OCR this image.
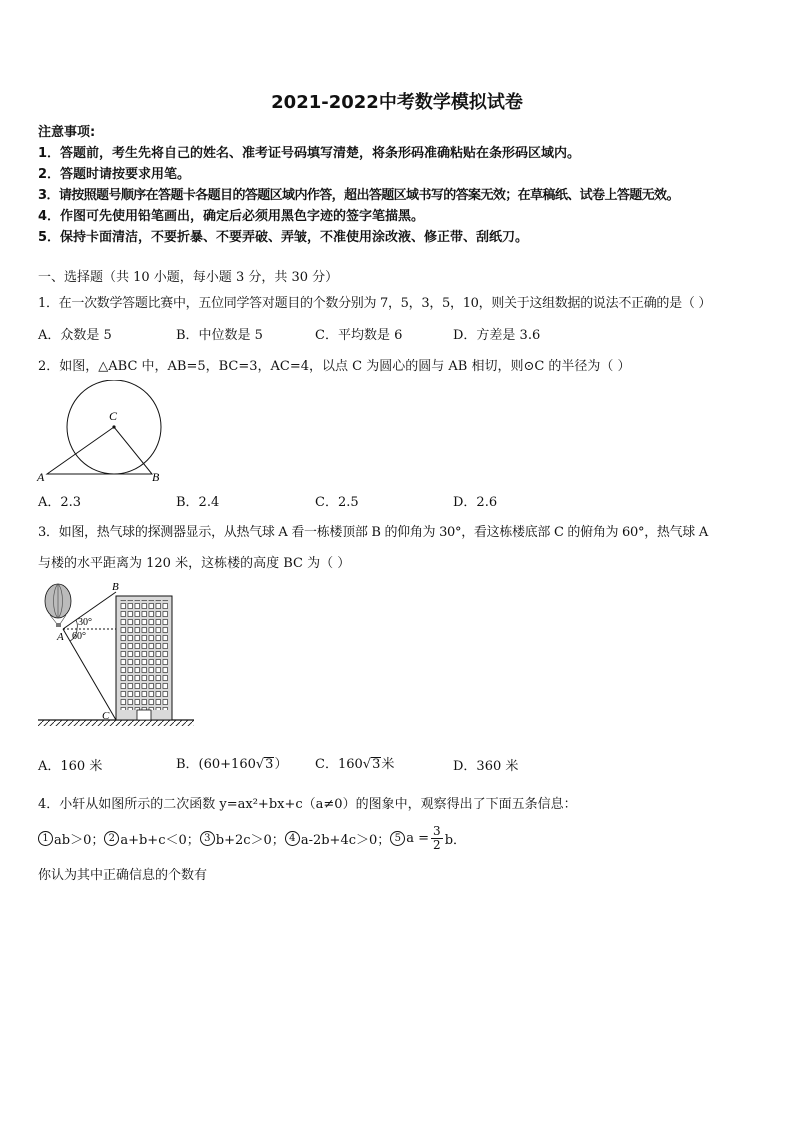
2021-2022中考数学模拟试卷
注意事项:
1．答题前，考生先将自己的姓名、准考证号码填写清楚，将条形码准确粘贴在条形码区域内。
2．答题时请按要求用笔。
3．请按照题号顺序在答题卡各题目的答题区域内作答，超出答题区域书写的答案无效；在草稿纸、试卷上答题无效。
4．作图可先使用铅笔画出，确定后必须用黑色字迹的签字笔描黑。
5．保持卡面清洁，不要折暴、不要弄破、弄皱，不准使用涂改液、修正带、刮纸刀。
一、选择题（共 10 小题，每小题 3 分，共 30 分）
1．在一次数学答题比赛中，五位同学答对题目的个数分别为 7，5，3，5，10，则关于这组数据的说法不正确的是（ ）
A．众数是 5	B．中位数是 5	C．平均数是 6	D．方差是 3.6
2．如图，△ABC 中，AB=5，BC=3，AC=4，以点 C 为圆心的圆与 AB 相切，则⊙C 的半径为（ ）
C
A	B
A．2.3	B．2.4	C．2.5	D．2.6
3．如图，热气球的探测器显示，从热气球 A 看一栋楼顶部 B 的仰角为 30°，看这栋楼底部 C 的俯角为 60°，热气球 A
与楼的水平距离为 120 米，这栋楼的高度 BC 为（ ）
B
A
C
30°
60°
A．160 米	B．(60+160√3） C．160√3米	D．360 米
4．小轩从如图所示的二次函数 y=ax²+bx+c（a≠0）的图象中，观察得出了下面五条信息：
1 ab＞0； 2 a+b+c＜0； 3 b+2c＞0； 4 a-2b+4c＞0； 5 $a = \frac{3}{2}$ b．
你认为其中正确信息的个数有
